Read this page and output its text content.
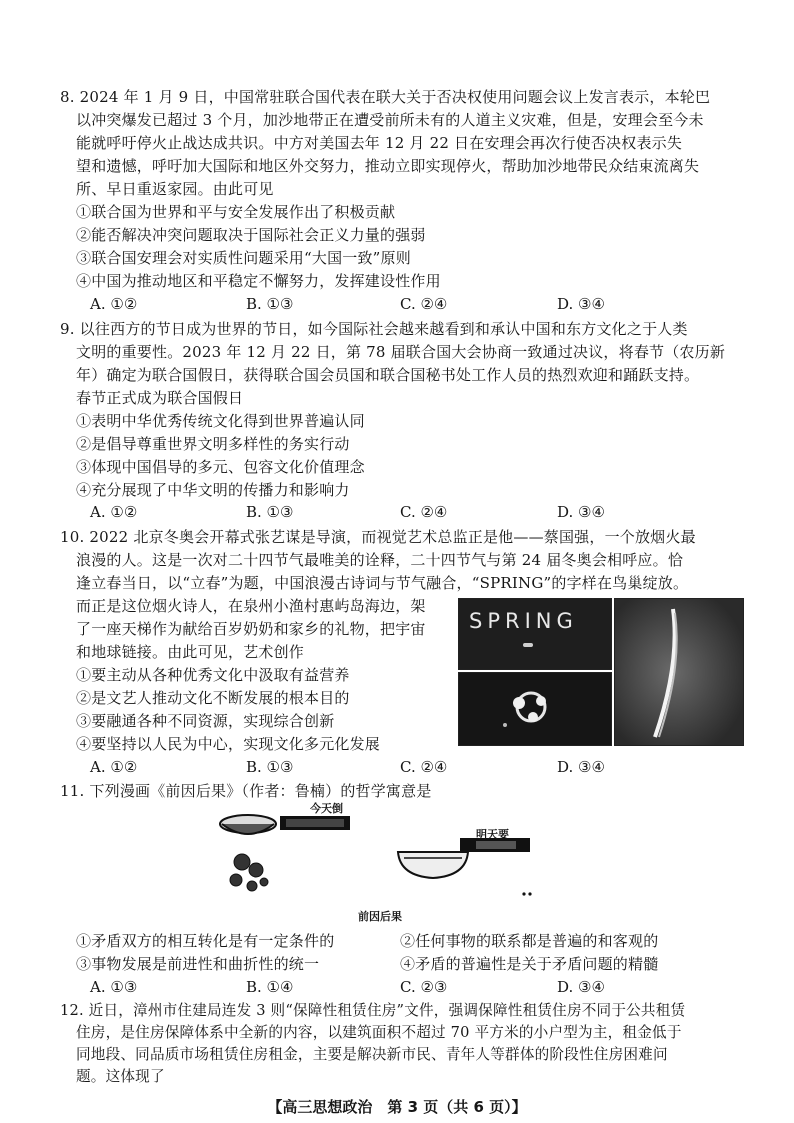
8. 2024 年 1 月 9 日，中国常驻联合国代表在联大关于否决权使用问题会议上发言表示，本轮巴
以冲突爆发已超过 3 个月，加沙地带正在遭受前所未有的人道主义灾难，但是，安理会至今未
能就呼吁停火止战达成共识。中方对美国去年 12 月 22 日在安理会再次行使否决权表示失
望和遗憾，呼吁加大国际和地区外交努力，推动立即实现停火，帮助加沙地带民众结束流离失
所、早日重返家园。由此可见
①联合国为世界和平与安全发展作出了积极贡献
②能否解决冲突问题取决于国际社会正义力量的强弱
③联合国安理会对实质性问题采用“大国一致”原则
④中国为推动地区和平稳定不懈努力，发挥建设性作用
A. ①②	B. ①③	C. ②④	D. ③④
9. 以往西方的节日成为世界的节日，如今国际社会越来越看到和承认中国和东方文化之于人类
文明的重要性。2023 年 12 月 22 日，第 78 届联合国大会协商一致通过决议，将春节（农历新
年）确定为联合国假日，获得联合国会员国和联合国秘书处工作人员的热烈欢迎和踊跃支持。
春节正式成为联合国假日
①表明中华优秀传统文化得到世界普遍认同
②是倡导尊重世界文明多样性的务实行动
③体现中国倡导的多元、包容文化价值理念
④充分展现了中华文明的传播力和影响力
A. ①②	B. ①③	C. ②④	D. ③④
10. 2022 北京冬奥会开幕式张艺谋是导演，而视觉艺术总监正是他——蔡国强，一个放烟火最
浪漫的人。这是一次对二十四节气最唯美的诠释，二十四节气与第 24 届冬奥会相呼应。恰
逢立春当日，以“立春”为题，中国浪漫古诗词与节气融合，“SPRING”的字样在鸟巢绽放。
而正是这位烟火诗人，在泉州小渔村惠屿岛海边，架
了一座天梯作为献给百岁奶奶和家乡的礼物，把宇宙
和地球链接。由此可见，艺术创作
①要主动从各种优秀文化中汲取有益营养
②是文艺人推动文化不断发展的根本目的
③要融通各种不同资源，实现综合创新
④要坚持以人民为中心，实现文化多元化发展
A. ①②	B. ①③	C. ②④	D. ③④
SPRING
11. 下列漫画《前因后果》（作者：鲁楠）的哲学寓意是
今天倒
明天要
前因后果
①矛盾双方的相互转化是有一定条件的	②任何事物的联系都是普遍的和客观的
③事物发展是前进性和曲折性的统一	④矛盾的普遍性是关于矛盾问题的精髓
A. ①③	B. ①④	C. ②③	D. ③④
12. 近日，漳州市住建局连发 3 则“保障性租赁住房”文件，强调保障性租赁住房不同于公共租赁
【高三思想政治　第 3 页（共 6 页）】
住房，是住房保障体系中全新的内容，以建筑面积不超过 70 平方米的小户型为主，租金低于
同地段、同品质市场租赁住房租金，主要是解决新市民、青年人等群体的阶段性住房困难问
题。这体现了
